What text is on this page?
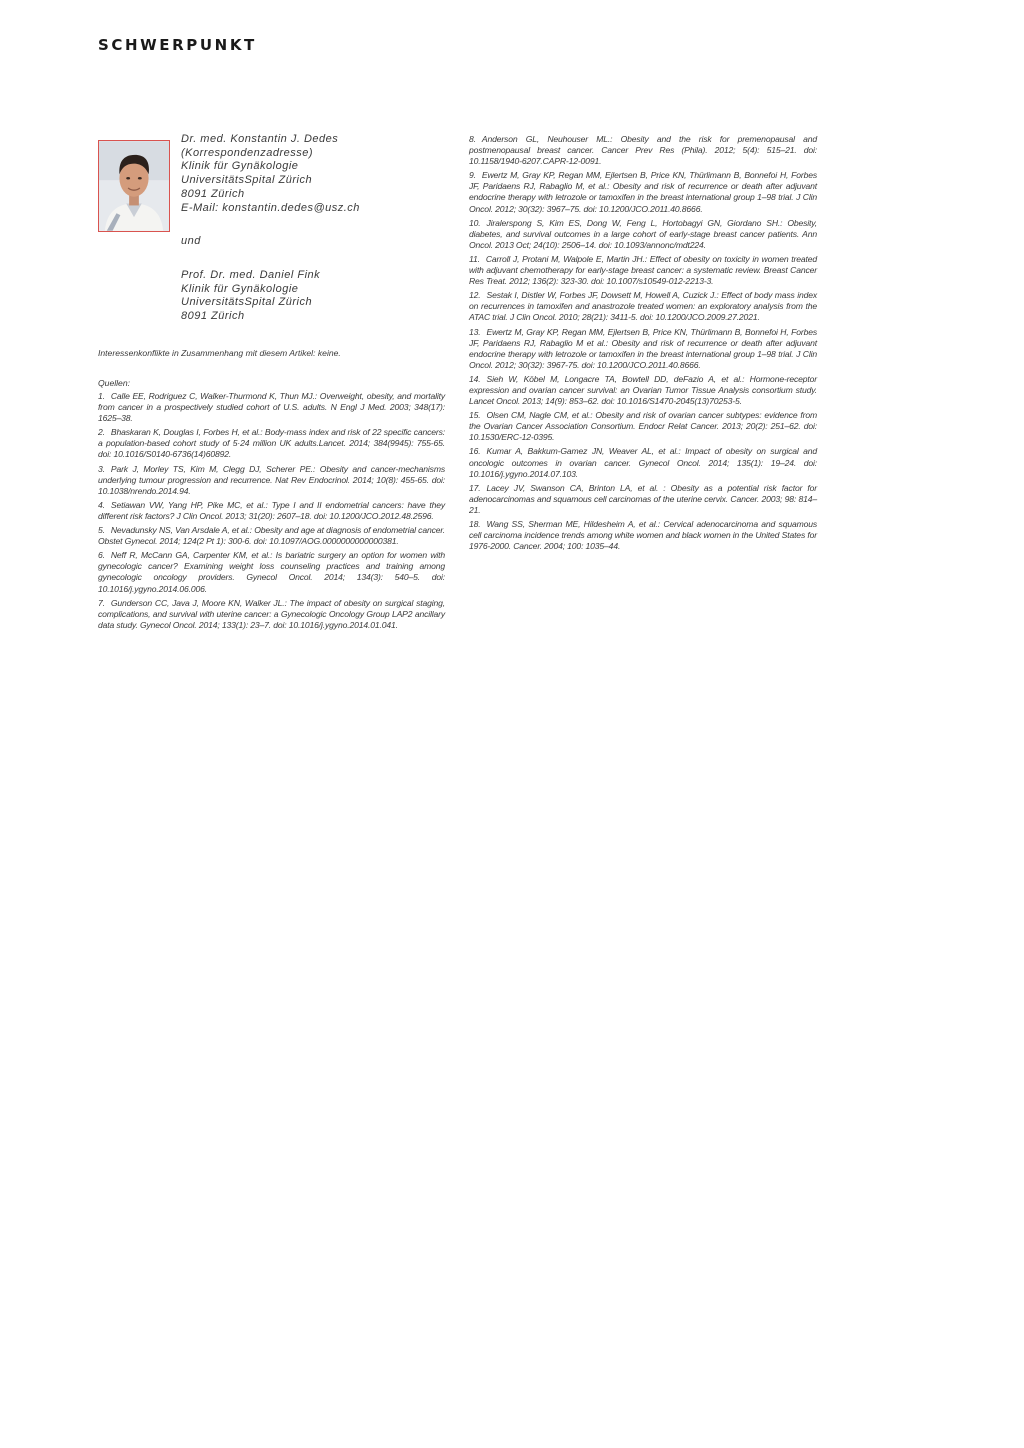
SCHWERPUNKT
Dr. med. Konstantin J. Dedes
(Korrespondenzadresse)
Klinik für Gynäkologie
UniversitätsSpital Zürich
8091 Zürich
E-Mail: konstantin.dedes@usz.ch
und
Prof. Dr. med. Daniel Fink
Klinik für Gynäkologie
UniversitätsSpital Zürich
8091 Zürich
Interessenkonflikte in Zusammenhang mit diesem Artikel: keine.
Quellen:

1. Calle EE, Rodriguez C, Walker-Thurmond K, Thun MJ.: Overweight, obesity, and mortality from cancer in a prospectively studied cohort of U.S. adults. N Engl J Med. 2003; 348(17): 1625–38.

2. Bhaskaran K, Douglas I, Forbes H, et al.: Body-mass index and risk of 22 specific cancers: a population-based cohort study of 5·24 million UK adults.Lancet. 2014; 384(9945): 755-65. doi: 10.1016/S0140-6736(14)60892.

3. Park J, Morley TS, Kim M, Clegg DJ, Scherer PE.: Obesity and cancer-mechanisms underlying tumour progression and recurrence. Nat Rev Endocrinol. 2014; 10(8): 455-65. doi: 10.1038/nrendo.2014.94.

4. Setiawan VW, Yang HP, Pike MC, et al.: Type I and II endometrial cancers: have they different risk factors? J Clin Oncol. 2013; 31(20): 2607–18. doi: 10.1200/JCO.2012.48.2596.

5. Nevadunsky NS, Van Arsdale A, et al.: Obesity and age at diagnosis of endometrial cancer. Obstet Gynecol. 2014; 124(2 Pt 1): 300-6. doi: 10.1097/AOG.0000000000000381.

6. Neff R, McCann GA, Carpenter KM, et al.: Is bariatric surgery an option for women with gynecologic cancer? Examining weight loss counseling practices and training among gynecologic oncology providers. Gynecol Oncol. 2014; 134(3): 540–5. doi: 10.1016/j.ygyno.2014.06.006.

7. Gunderson CC, Java J, Moore KN, Walker JL.: The impact of obesity on surgical staging, complications, and survival with uterine cancer: a Gynecologic Oncology Group LAP2 ancillary data study. Gynecol Oncol. 2014; 133(1): 23–7. doi: 10.1016/j.ygyno.2014.01.041.

8. Anderson GL, Neuhouser ML.: Obesity and the risk for premenopausal and postmenopausal breast cancer. Cancer Prev Res (Phila). 2012; 5(4): 515–21. doi: 10.1158/1940-6207.CAPR-12-0091.

9. Ewertz M, Gray KP, Regan MM, Ejlertsen B, Price KN, Thürlimann B, Bonnefoi H, Forbes JF, Paridaens RJ, Rabaglio M, et al.: Obesity and risk of recurrence or death after adjuvant endocrine therapy with letrozole or tamoxifen in the breast international group 1–98 trial. J Clin Oncol. 2012; 30(32): 3967–75. doi: 10.1200/JCO.2011.40.8666.

10. Jiralerspong S, Kim ES, Dong W, Feng L, Hortobagyi GN, Giordano SH.: Obesity, diabetes, and survival outcomes in a large cohort of early-stage breast cancer patients. Ann Oncol. 2013 Oct; 24(10): 2506–14. doi: 10.1093/annonc/mdt224.

11. Carroll J, Protani M, Walpole E, Martin JH.: Effect of obesity on toxicity in women treated with adjuvant chemotherapy for early-stage breast cancer: a systematic review. Breast Cancer Res Treat. 2012; 136(2): 323-30. doi: 10.1007/s10549-012-2213-3.

12. Sestak I, Distler W, Forbes JF, Dowsett M, Howell A, Cuzick J.: Effect of body mass index on recurrences in tamoxifen and anastrozole treated women: an exploratory analysis from the ATAC trial. J Clin Oncol. 2010; 28(21): 3411-5. doi: 10.1200/JCO.2009.27.2021.

13. Ewertz M, Gray KP, Regan MM, Ejlertsen B, Price KN, Thürlimann B, Bonnefoi H, Forbes JF, Paridaens RJ, Rabaglio M et al.: Obesity and risk of recurrence or death after adjuvant endocrine therapy with letrozole or tamoxifen in the breast international group 1–98 trial. J Clin Oncol. 2012; 30(32): 3967-75. doi: 10.1200/JCO.2011.40.8666.

14. Sieh W, Köbel M, Longacre TA, Bowtell DD, deFazio A, et al.: Hormone-receptor expression and ovarian cancer survival: an Ovarian Tumor Tissue Analysis consortium study. Lancet Oncol. 2013; 14(9): 853–62. doi: 10.1016/S1470-2045(13)70253-5.

15. Olsen CM, Nagle CM, et al.: Obesity and risk of ovarian cancer subtypes: evidence from the Ovarian Cancer Association Consortium. Endocr Relat Cancer. 2013; 20(2): 251–62. doi: 10.1530/ERC-12-0395.

16. Kumar A, Bakkum-Gamez JN, Weaver AL, et al.: Impact of obesity on surgical and oncologic outcomes in ovarian cancer. Gynecol Oncol. 2014; 135(1): 19–24. doi: 10.1016/j.ygyno.2014.07.103.

17. Lacey JV, Swanson CA, Brinton LA, et al. : Obesity as a potential risk factor for adenocarcinomas and squamous cell carcinomas of the uterine cervix. Cancer. 2003; 98: 814–21.

18. Wang SS, Sherman ME, Hildesheim A, et al.: Cervical adenocarcinoma and squamous cell carcinoma incidence trends among white women and black women in the United States for 1976-2000. Cancer. 2004; 100: 1035–44.
